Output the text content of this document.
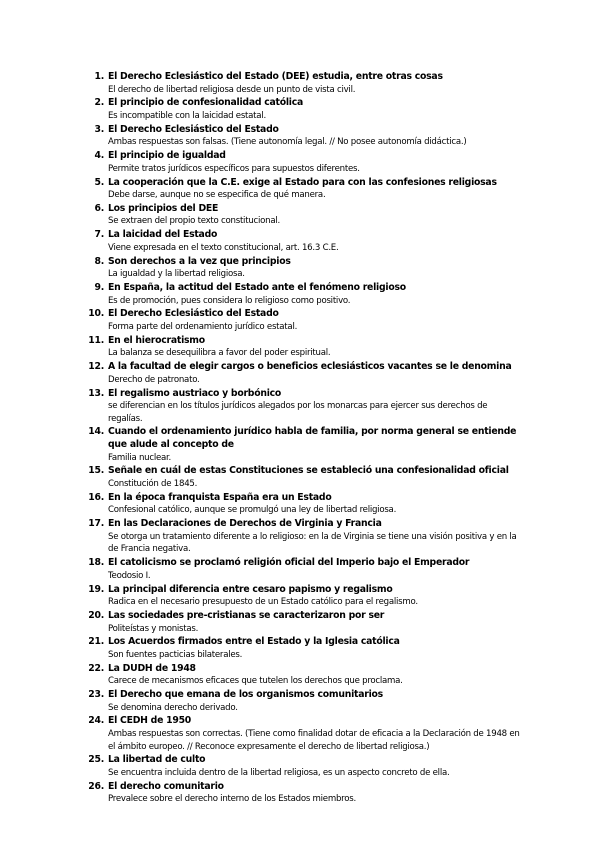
1. El Derecho Eclesiástico del Estado (DEE) estudia, entre otras cosas
El derecho de libertad religiosa desde un punto de vista civil.
2. El principio de confesionalidad católica
Es incompatible con la laicidad estatal.
3. El Derecho Eclesiástico del Estado
Ambas respuestas son falsas. (Tiene autonomía legal. // No posee autonomía didáctica.)
4. El principio de igualdad
Permite tratos jurídicos específicos para supuestos diferentes.
5. La cooperación que la C.E. exige al Estado para con las confesiones religiosas
Debe darse, aunque no se especifica de qué manera.
6. Los principios del DEE
Se extraen del propio texto constitucional.
7. La laicidad del Estado
Viene expresada en el texto constitucional, art. 16.3 C.E.
8. Son derechos a la vez que principios
La igualdad y la libertad religiosa.
9. En España, la actitud del Estado ante el fenómeno religioso
Es de promoción, pues considera lo religioso como positivo.
10. El Derecho Eclesiástico del Estado
Forma parte del ordenamiento jurídico estatal.
11. En el hierocratismo
La balanza se desequilibra a favor del poder espiritual.
12. A la facultad de elegir cargos o beneficios eclesiásticos vacantes se le denomina
Derecho de patronato.
13. El regalismo austriaco y borbónico
se diferencian en los títulos jurídicos alegados por los monarcas para ejercer sus derechos de regalías.
14. Cuando el ordenamiento jurídico habla de familia, por norma general se entiende que alude al concepto de
Familia nuclear.
15. Señale en cuál de estas Constituciones se estableció una confesionalidad oficial
Constitución de 1845.
16. En la época franquista España era un Estado
Confesional católico, aunque se promulgó una ley de libertad religiosa.
17. En las Declaraciones de Derechos de Virginia y Francia
Se otorga un tratamiento diferente a lo religioso: en la de Virginia se tiene una visión positiva y en la de Francia negativa.
18. El catolicismo se proclamó religión oficial del Imperio bajo el Emperador
Teodosio I.
19. La principal diferencia entre cesaro papismo y regalismo
Radica en el necesario presupuesto de un Estado católico para el regalismo.
20. Las sociedades pre-cristianas se caracterizaron por ser
Politeístas y monistas.
21. Los Acuerdos firmados entre el Estado y la Iglesia católica
Son fuentes pacticias bilaterales.
22. La DUDH de 1948
Carece de mecanismos eficaces que tutelen los derechos que proclama.
23. El Derecho que emana de los organismos comunitarios
Se denomina derecho derivado.
24. El CEDH de 1950
Ambas respuestas son correctas. (Tiene como finalidad dotar de eficacia a la Declaración de 1948 en el ámbito europeo. // Reconoce expresamente el derecho de libertad religiosa.)
25. La libertad de culto
Se encuentra incluida dentro de la libertad religiosa, es un aspecto concreto de ella.
26. El derecho comunitario
Prevalece sobre el derecho interno de los Estados miembros.
